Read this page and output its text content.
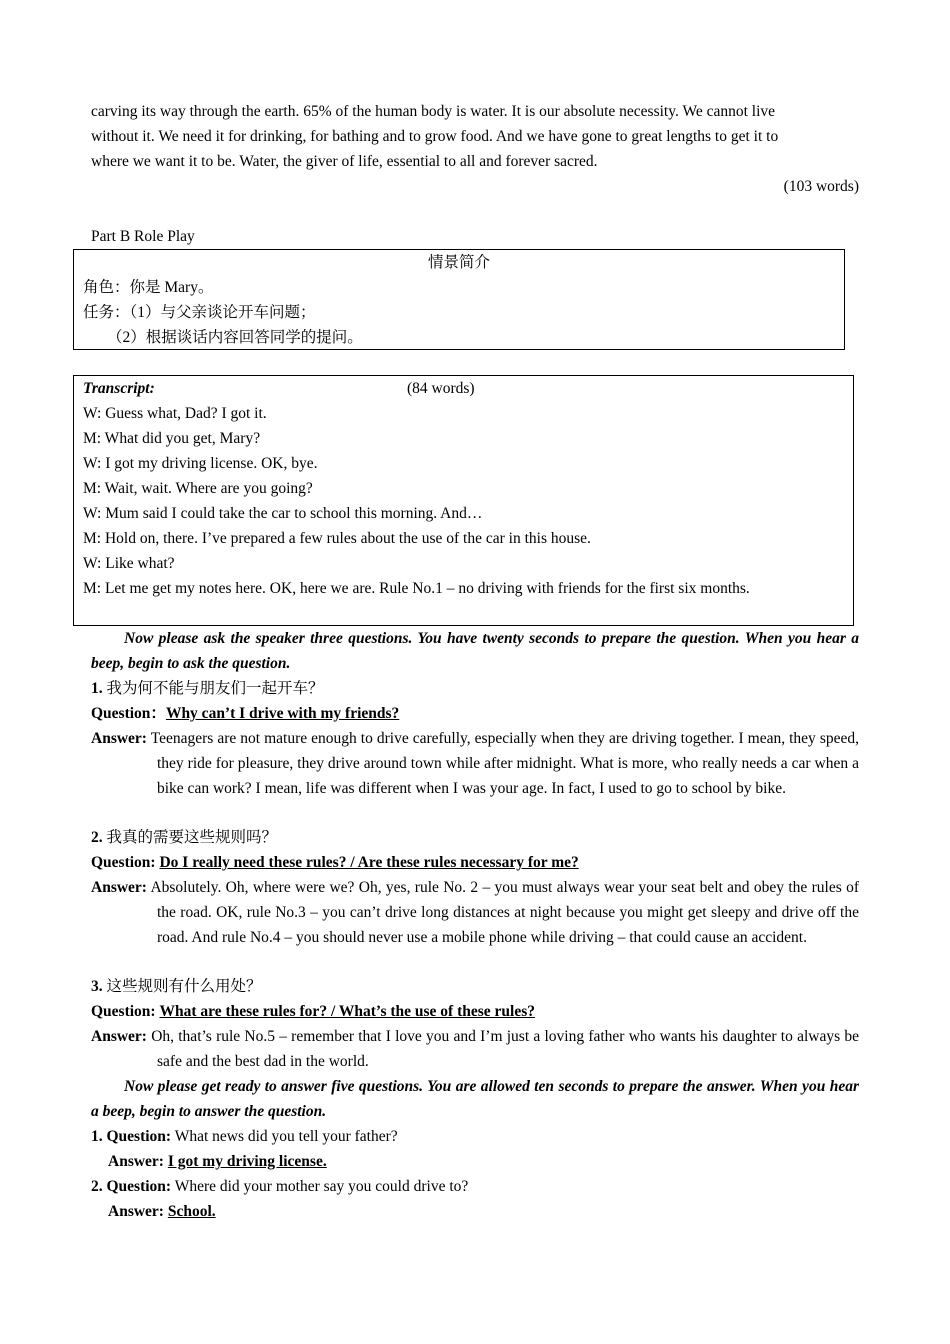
carving its way through the earth. 65% of the human body is water. It is our absolute necessity. We cannot live
without it. We need it for drinking, for bathing and to grow food. And we have gone to great lengths to get it to
where we want it to be. Water, the giver of life, essential to all and forever sacred.
(103 words)
Part B Role Play
情景简介
角色：你是 Mary。
任务：（1）与父亲谈论开车问题；
（2）根据谈话内容回答同学的提问。
Transcript:	(84 words)
W: Guess what, Dad? I got it.
M: What did you get, Mary?
W: I got my driving license. OK, bye.
M: Wait, wait. Where are you going?
W: Mum said I could take the car to school this morning. And…
M: Hold on, there. I’ve prepared a few rules about the use of the car in this house.
W: Like what?
M: Let me get my notes here. OK, here we are. Rule No.1 – no driving with friends for the first six months.
Now please ask the speaker three questions. You have twenty seconds to prepare the question. When you hear a beep, begin to ask the question.
1. 我为何不能与朋友们一起开车？
Question：Why can’t I drive with my friends?
Answer: Teenagers are not mature enough to drive carefully, especially when they are driving together. I mean, they speed, they ride for pleasure, they drive around town while after midnight. What is more, who really needs a car when a bike can work? I mean, life was different when I was your age. In fact, I used to go to school by bike.
2. 我真的需要这些规则吗？
Question: Do I really need these rules? / Are these rules necessary for me?
Answer: Absolutely. Oh, where were we? Oh, yes, rule No. 2 – you must always wear your seat belt and obey the rules of the road. OK, rule No.3 – you can’t drive long distances at night because you might get sleepy and drive off the road. And rule No.4 – you should never use a mobile phone while driving – that could cause an accident.
3. 这些规则有什么用处？
Question: What are these rules for? / What’s the use of these rules?
Answer: Oh, that’s rule No.5 – remember that I love you and I’m just a loving father who wants his daughter to always be safe and the best dad in the world.
Now please get ready to answer five questions. You are allowed ten seconds to prepare the answer. When you hear a beep, begin to answer the question.
1. Question: What news did you tell your father?
Answer: I got my driving license.
2. Question: Where did your mother say you could drive to?
Answer: School.
